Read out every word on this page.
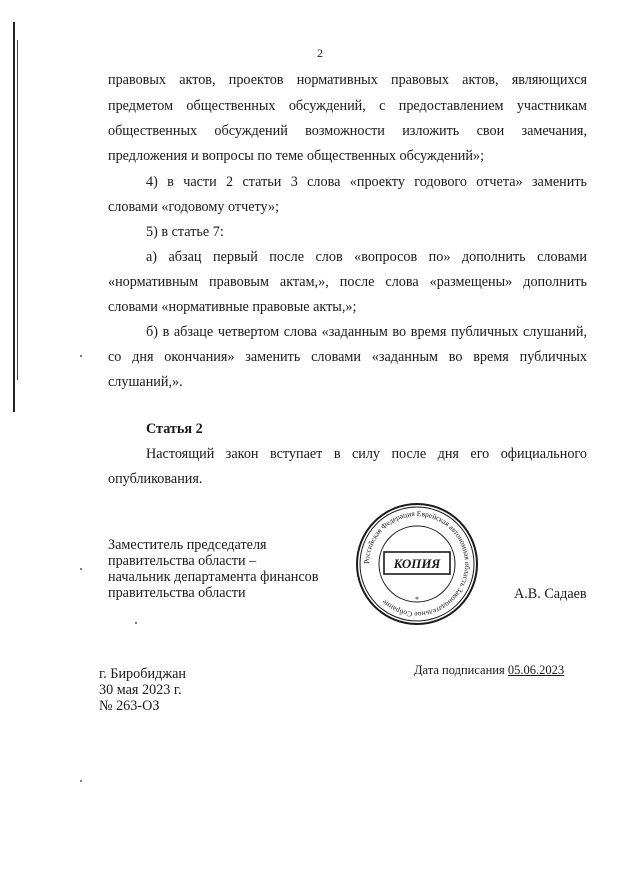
2
правовых актов, проектов нормативных правовых актов, являющихся
предметом общественных обсуждений, с предоставлением участникам
общественных обсуждений возможности изложить свои замечания,
предложения и вопросы по теме общественных обсуждений»;
4) в части 2 статьи 3 слова «проекту годового отчета» заменить
словами «годовому отчету»;
5) в статье 7:
а) абзац первый после слов «вопросов по» дополнить словами
«нормативным правовым актам,», после слова «размещены» дополнить
словами «нормативные правовые акты,»;
б) в абзаце четвертом слова «заданным во время публичных слушаний,
со дня окончания» заменить словами «заданным во время публичных
слушаний,».
Статья 2
Настоящий закон вступает в силу после дня его официального
опубликования.
Заместитель председателя
правительства области –
начальник департамента финансов
правительства области	А.В. Садаев
Российская Федерация Еврейская автономная область Законодательное Собрание
КОПИЯ
*
г. Биробиджан
30 мая 2023 г.
№ 263-ОЗ
Дата подписания 05.06.2023
